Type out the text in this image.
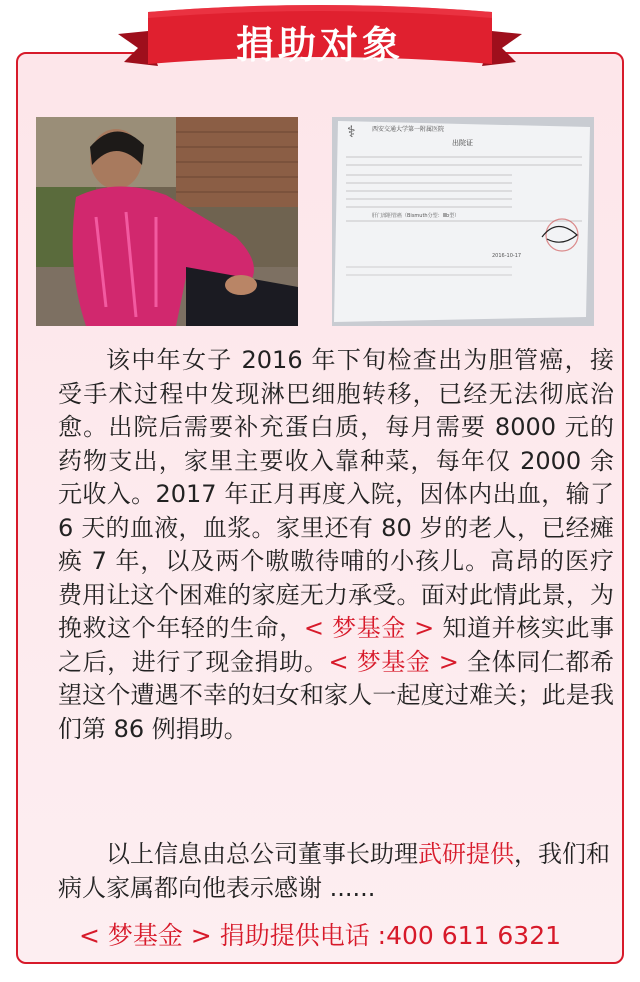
捐助对象
西安交通大学第一附属医院
出院证
⚕
肝门部胆管癌（Bismuth分型：Ⅲb型）
2016-10-17

该中年女子 2016 年下旬检查出为胆管癌，接受手术过程中发现淋巴细胞转移，已经无法彻底治愈。出院后需要补充蛋白质，每月需要 8000 元的药物支出，家里主要收入靠种菜，每年仅 2000 余元收入。2017 年正月再度入院，因体内出血，输了 6 天的血液，血浆。家里还有 80 岁的老人，已经瘫痪 7 年，以及两个嗷嗷待哺的小孩儿。高昂的医疗费用让这个困难的家庭无力承受。面对此情此景，为挽救这个年轻的生命，< 梦基金 > 知道并核实此事之后，进行了现金捐助。< 梦基金 > 全体同仁都希望这个遭遇不幸的妇女和家人一起度过难关；此是我们第 86 例捐助。

以上信息由总公司董事长助理武研提供，我们和病人家属都向他表示感谢 ......

< 梦基金 > 捐助提供电话 :400 611 6321
